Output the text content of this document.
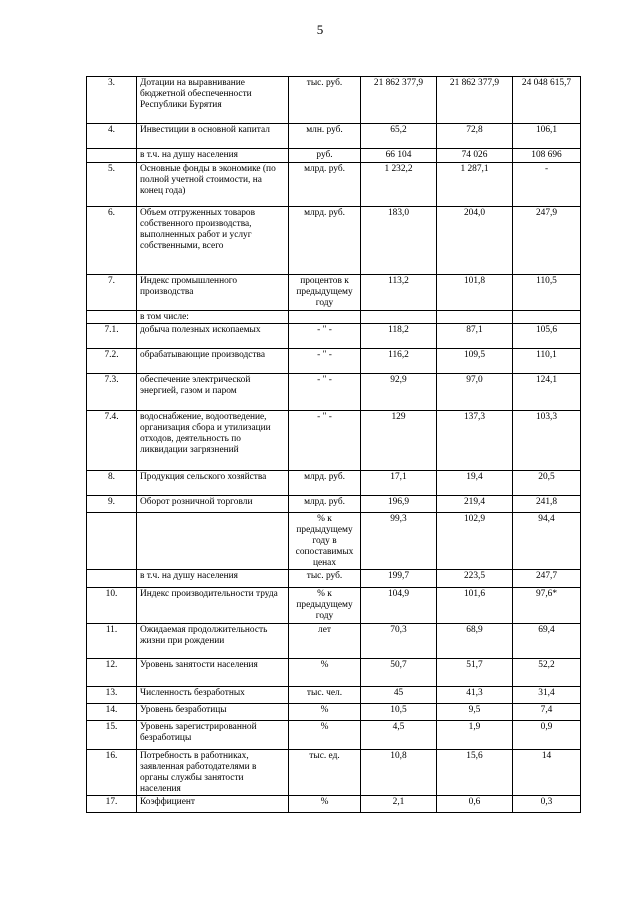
5
3.	Дотации на выравнивание бюджетной обеспеченности Республики Бурятия	тыс. руб.	21 862 377,9	21 862 377,9	24 048 615,7
4.	Инвестиции в основной капитал	млн. руб.	65,2	72,8	106,1
	в т.ч. на душу населения	руб.	66 104	74 026	108 696
5.	Основные фонды в экономике (по полной учетной стоимости, на конец года)	млрд. руб.	1 232,2	1 287,1	-
6.	Объем отгруженных товаров собственного производства, выполненных работ и услуг собственными, всего	млрд. руб.	183,0	204,0	247,9
7.	Индекс промышленного производства	процентов к предыдущему году	113,2	101,8	110,5
	в том числе:				
7.1.	добыча полезных ископаемых	- " -	118,2	87,1	105,6
7.2.	обрабатывающие производства	- " -	116,2	109,5	110,1
7.3.	обеспечение электрической энергией, газом и паром	- " -	92,9	97,0	124,1
7.4.	водоснабжение, водоотведение, организация сбора и утилизации отходов, деятельность по ликвидации загрязнений	- " -	129	137,3	103,3
8.	Продукция сельского хозяйства	млрд. руб.	17,1	19,4	20,5
9.	Оборот розничной торговли	млрд. руб.	196,9	219,4	241,8
		% к предыдущему году в сопоставимых ценах	99,3	102,9	94,4
	в т.ч. на душу населения	тыс. руб.	199,7	223,5	247,7
10.	Индекс производительности труда	% к предыдущему году	104,9	101,6	97,6*
11.	Ожидаемая продолжительность жизни при рождении	лет	70,3	68,9	69,4
12.	Уровень занятости населения	%	50,7	51,7	52,2
13.	Численность безработных	тыс. чел.	45	41,3	31,4
14.	Уровень безработицы	%	10,5	9,5	7,4
15.	Уровень зарегистрированной безработицы	%	4,5	1,9	0,9
16.	Потребность в работниках, заявленная работодателями в органы службы занятости населения	тыс. ед.	10,8	15,6	14
17.	Коэффициент	%	2,1	0,6	0,3
